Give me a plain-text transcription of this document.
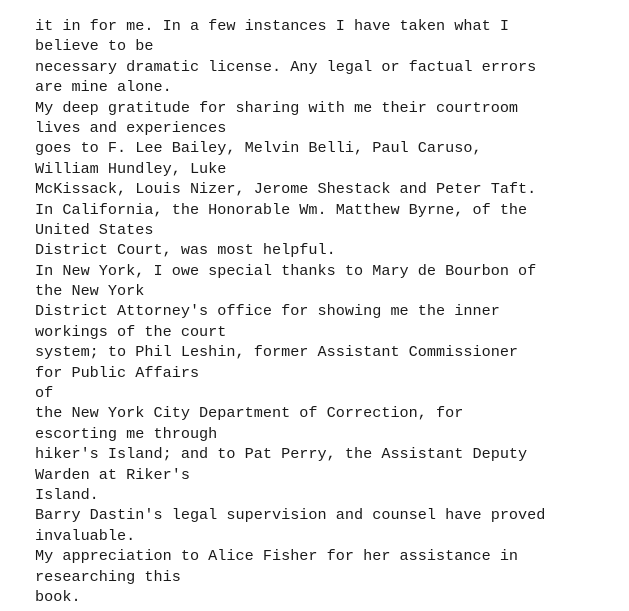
it in for me. In a few instances I have taken what I
believe to be
necessary dramatic license. Any legal or factual errors
are mine alone.
My deep gratitude for sharing with me their courtroom
lives and experiences
goes to F. Lee Bailey, Melvin Belli, Paul Caruso,
William Hundley, Luke
McKissack, Louis Nizer, Jerome Shestack and Peter Taft.
In California, the Honorable Wm. Matthew Byrne, of the
United States
District Court, was most helpful.
In New York, I owe special thanks to Mary de Bourbon of
the New York
District Attorney's office for showing me the inner
workings of the court
system; to Phil Leshin, former Assistant Commissioner
for Public Affairs
of
the New York City Department of Correction, for
escorting me through
hiker's Island; and to Pat Perry, the Assistant Deputy
Warden at Riker's
Island.
Barry Dastin's legal supervision and counsel have proved
invaluable.
My appreciation to Alice Fisher for her assistance in
researching this
book.
